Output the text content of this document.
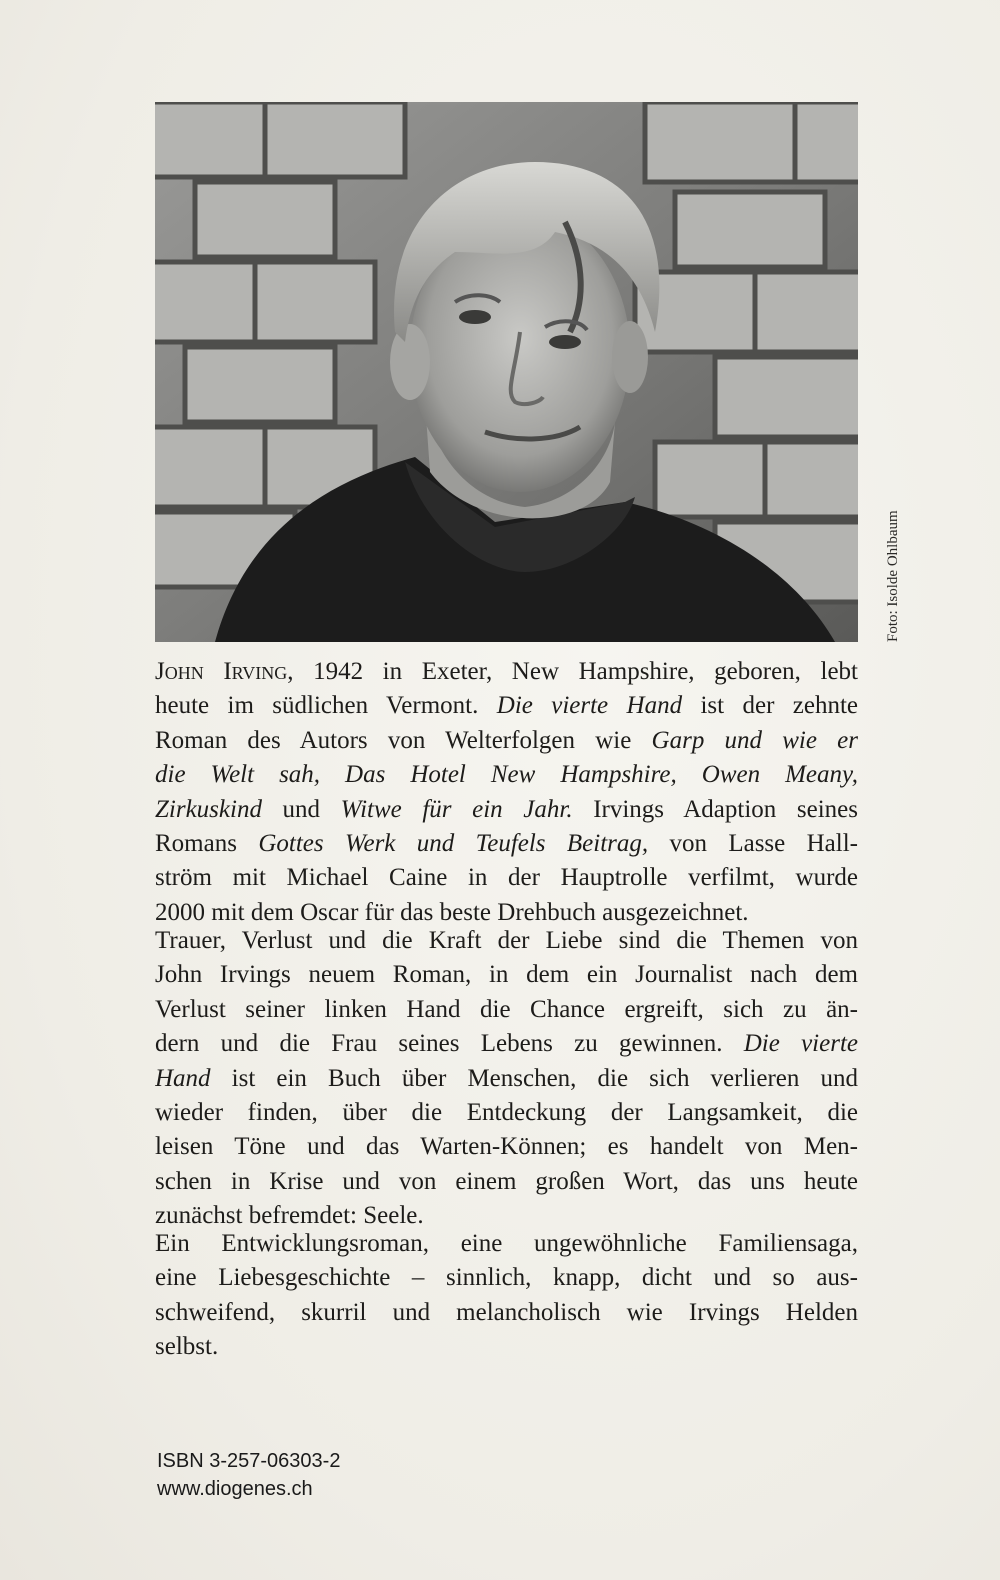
Foto: Isolde Ohlbaum
John Irving, 1942 in Exeter, New Hampshire, geboren, lebt
heute im südlichen Vermont. Die vierte Hand ist der zehnte
Roman des Autors von Welterfolgen wie Garp und wie er
die Welt sah, Das Hotel New Hampshire, Owen Meany,
Zirkuskind und Witwe für ein Jahr. Irvings Adaption seines
Romans Gottes Werk und Teufels Beitrag, von Lasse Hall-
ström mit Michael Caine in der Hauptrolle verfilmt, wurde
2000 mit dem Oscar für das beste Drehbuch ausgezeichnet.
Trauer, Verlust und die Kraft der Liebe sind die Themen von
John Irvings neuem Roman, in dem ein Journalist nach dem
Verlust seiner linken Hand die Chance ergreift, sich zu än-
dern und die Frau seines Lebens zu gewinnen. Die vierte
Hand ist ein Buch über Menschen, die sich verlieren und
wieder finden, über die Entdeckung der Langsamkeit, die
leisen Töne und das Warten-Können; es handelt von Men-
schen in Krise und von einem großen Wort, das uns heute
zunächst befremdet: Seele.
Ein Entwicklungsroman, eine ungewöhnliche Familiensaga,
eine Liebesgeschichte – sinnlich, knapp, dicht und so aus-
schweifend, skurril und melancholisch wie Irvings Helden
selbst.
ISBN 3-257-06303-2
www.diogenes.ch
